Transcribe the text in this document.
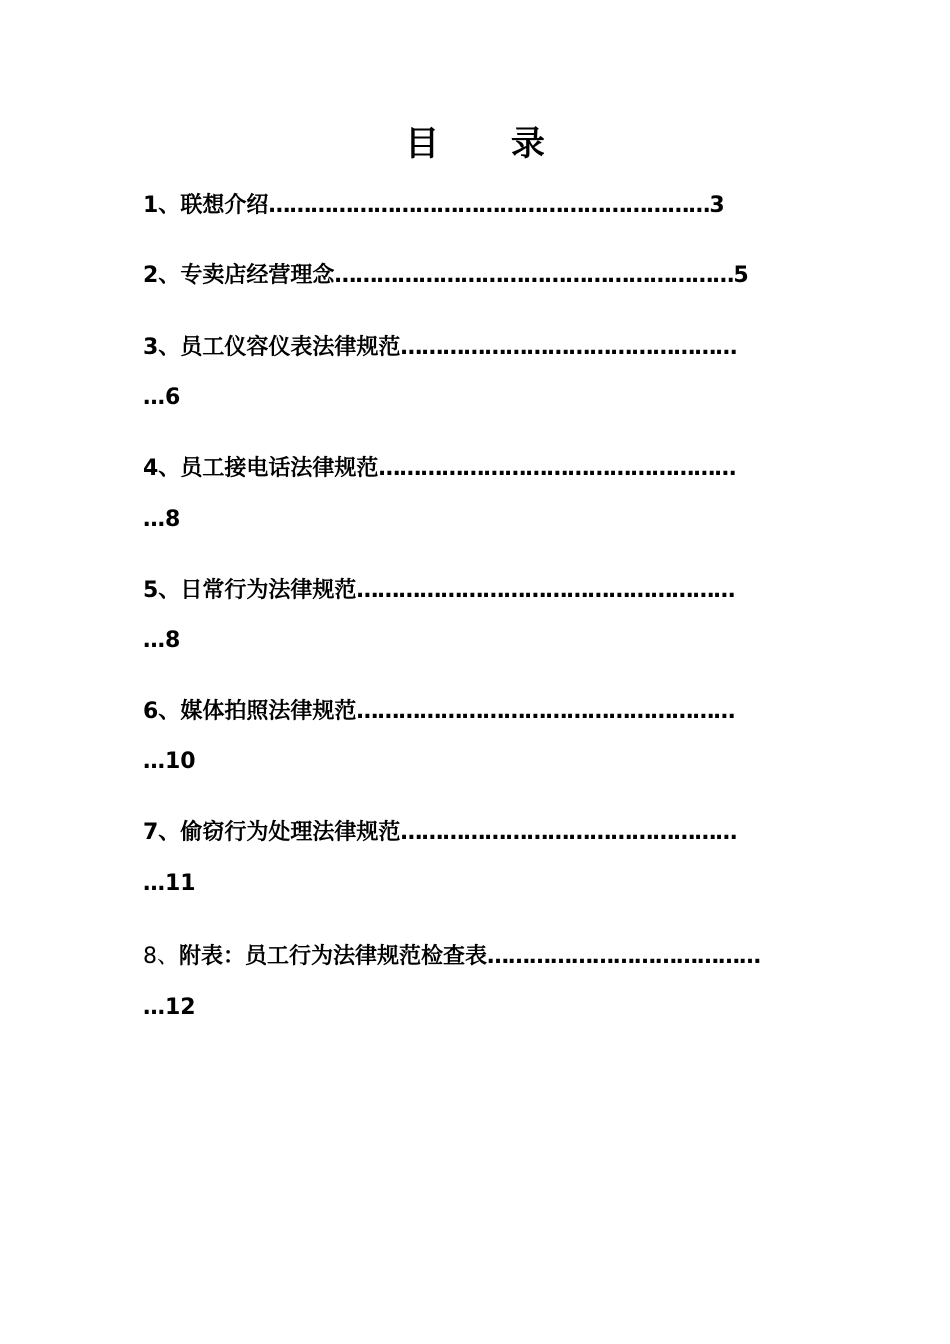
目 录
1、联想介绍………………………………………………………3
2、专卖店经营理念…………………………………………………5
3、员工仪容仪表法律规范…………………………………………
…6
4、员工接电话法律规范……………………………………………
…8
5、日常行为法律规范………………………………………………
…8
6、媒体拍照法律规范………………………………………………
…10
7、偷窃行为处理法律规范…………………………………………
…11
8、附表：员工行为法律规范检查表…………………………………
…12
